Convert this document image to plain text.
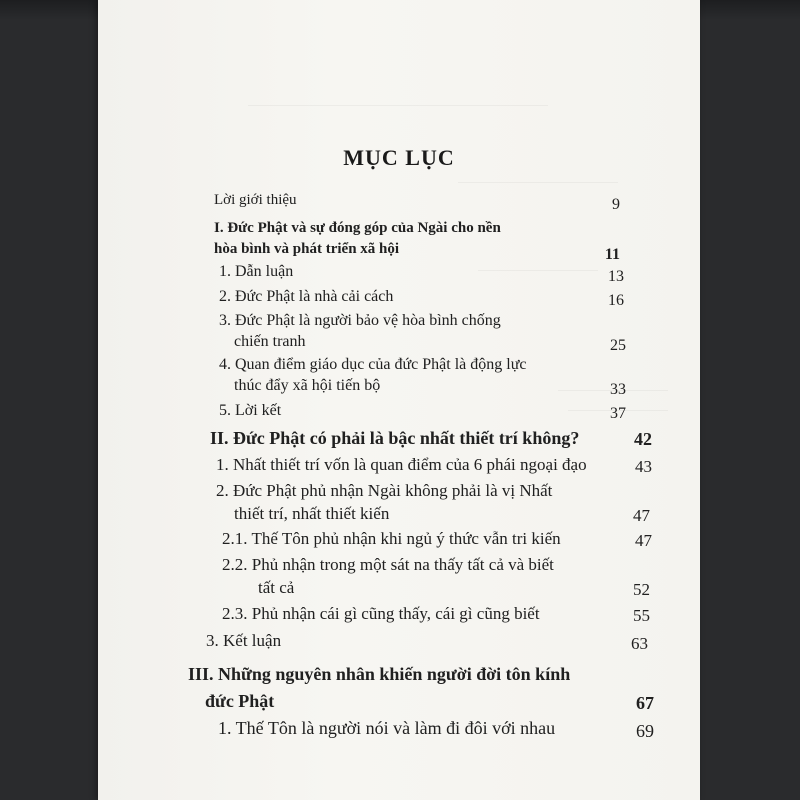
MỤC LỤC
Lời giới thiệu	9
I. Đức Phật và sự đóng góp của Ngài cho nền
hòa bình và phát triển xã hội	11
1. Dẫn luận	13
2. Đức Phật là nhà cải cách	16
3. Đức Phật là người bảo vệ hòa bình chống
chiến tranh	25
4. Quan điểm giáo dục của đức Phật là động lực
thúc đẩy xã hội tiến bộ	33
5. Lời kết	37
II. Đức Phật có phải là bậc nhất thiết trí không?	42
1. Nhất thiết trí vốn là quan điểm của 6 phái ngoại đạo	43
2. Đức Phật phủ nhận Ngài không phải là vị Nhất
thiết trí, nhất thiết kiến	47
2.1. Thế Tôn phủ nhận khi ngủ ý thức vẫn tri kiến	47
2.2. Phủ nhận trong một sát na thấy tất cả và biết
tất cả	52
2.3. Phủ nhận cái gì cũng thấy, cái gì cũng biết	55
3. Kết luận	63
III. Những nguyên nhân khiến người đời tôn kính
đức Phật	67
1. Thế Tôn là người nói và làm đi đôi với nhau	69
